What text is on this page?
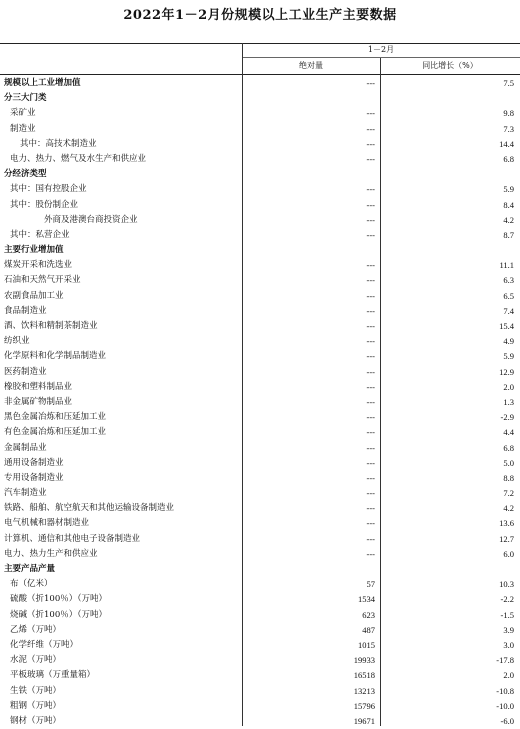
2022年1－2月份规模以上工业生产主要数据
1－2月
绝对量	同比增长（%）
规模以上工业增加值	---	7.5
分三大门类
采矿业	---	9.8
制造业	---	7.3
其中：高技术制造业	---	14.4
电力、热力、燃气及水生产和供应业	---	6.8
分经济类型
其中：国有控股企业	---	5.9
其中：股份制企业	---	8.4
外商及港澳台商投资企业	---	4.2
其中：私营企业	---	8.7
主要行业增加值
煤炭开采和洗选业	---	11.1
石油和天然气开采业	---	6.3
农副食品加工业	---	6.5
食品制造业	---	7.4
酒、饮料和精制茶制造业	---	15.4
纺织业	---	4.9
化学原料和化学制品制造业	---	5.9
医药制造业	---	12.9
橡胶和塑料制品业	---	2.0
非金属矿物制品业	---	1.3
黑色金属冶炼和压延加工业	---	-2.9
有色金属冶炼和压延加工业	---	4.4
金属制品业	---	6.8
通用设备制造业	---	5.0
专用设备制造业	---	8.8
汽车制造业	---	7.2
铁路、船舶、航空航天和其他运输设备制造业	---	4.2
电气机械和器材制造业	---	13.6
计算机、通信和其他电子设备制造业	---	12.7
电力、热力生产和供应业	---	6.0
主要产品产量
布（亿米）	57	10.3
硫酸（折100％）（万吨）	1534	-2.2
烧碱（折100％）（万吨）	623	-1.5
乙烯（万吨）	487	3.9
化学纤维（万吨）	1015	3.0
水泥（万吨）	19933	-17.8
平板玻璃（万重量箱）	16518	2.0
生铁（万吨）	13213	-10.8
粗钢（万吨）	15796	-10.0
钢材（万吨）	19671	-6.0
